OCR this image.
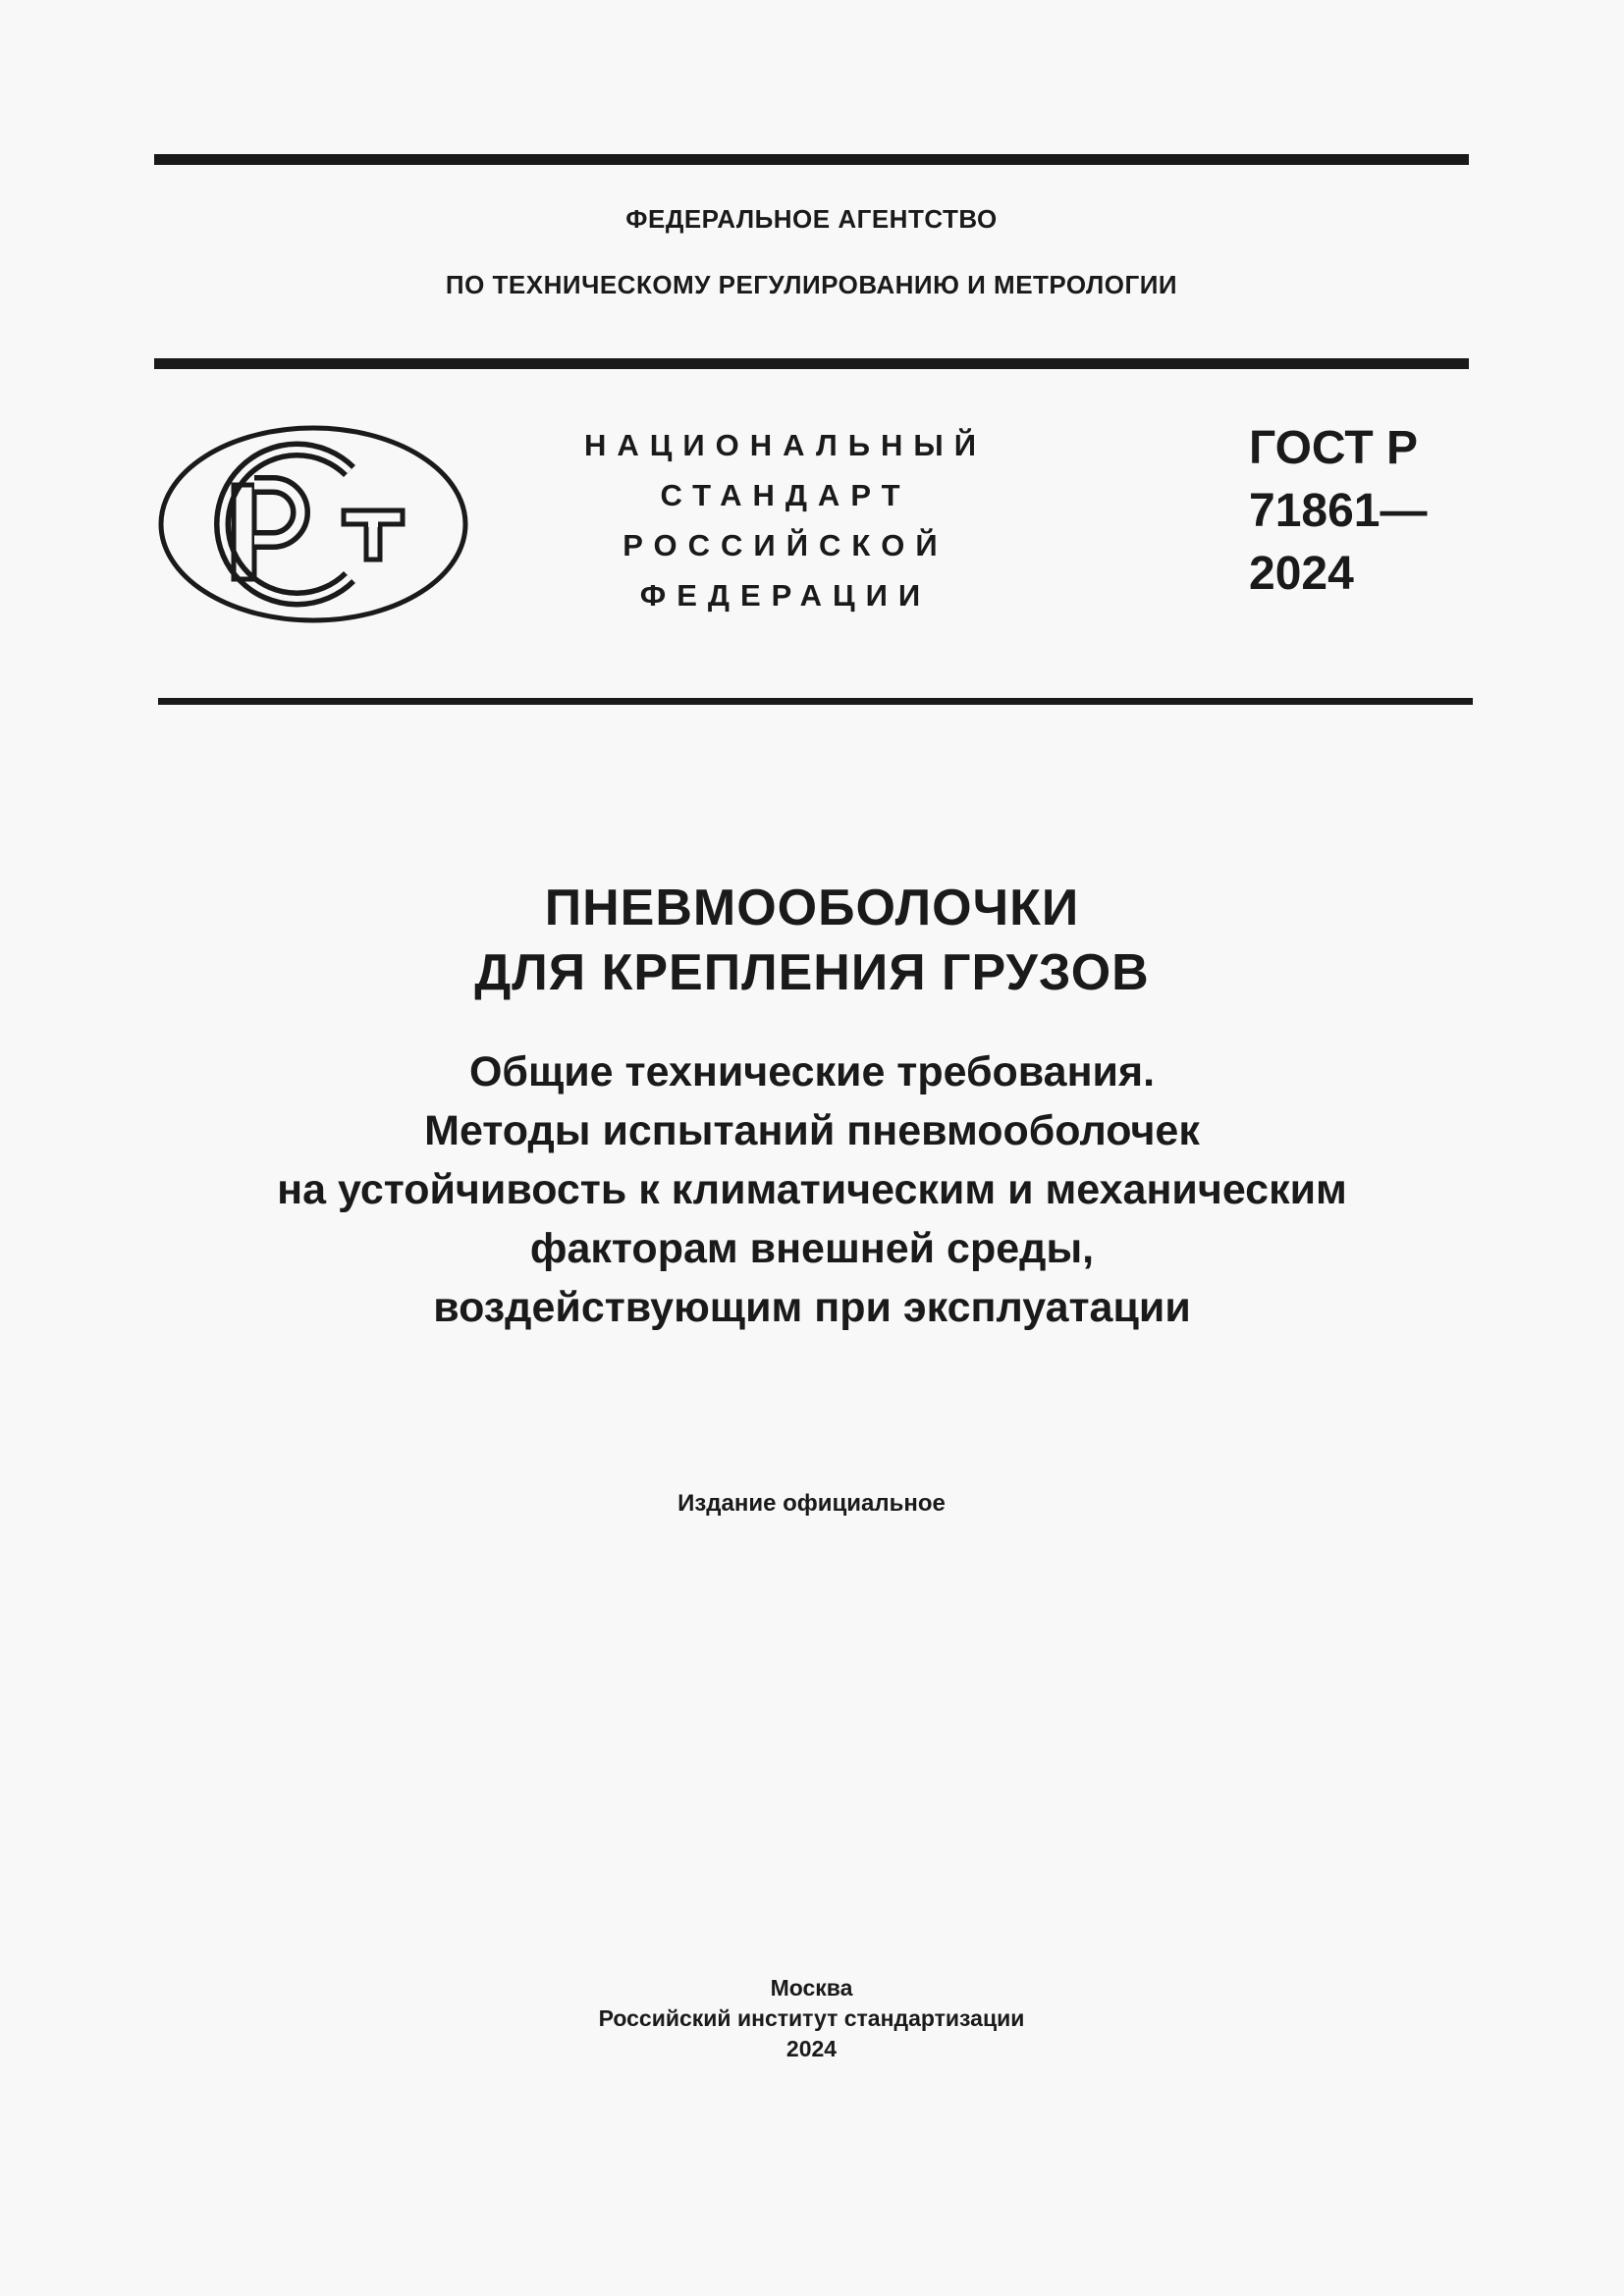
ФЕДЕРАЛЬНОЕ АГЕНТСТВО
ПО ТЕХНИЧЕСКОМУ РЕГУЛИРОВАНИЮ И МЕТРОЛОГИИ
НАЦИОНАЛЬНЫЙ
СТАНДАРТ
РОССИЙСКОЙ
ФЕДЕРАЦИИ
ГОСТ Р
71861—
2024
ПНЕВМООБОЛОЧКИ
ДЛЯ КРЕПЛЕНИЯ ГРУЗОВ
Общие технические требования.
Методы испытаний пневмооболочек
на устойчивость к климатическим и механическим
факторам внешней среды,
воздействующим при эксплуатации
Издание официальное
Москва
Российский институт стандартизации
2024
